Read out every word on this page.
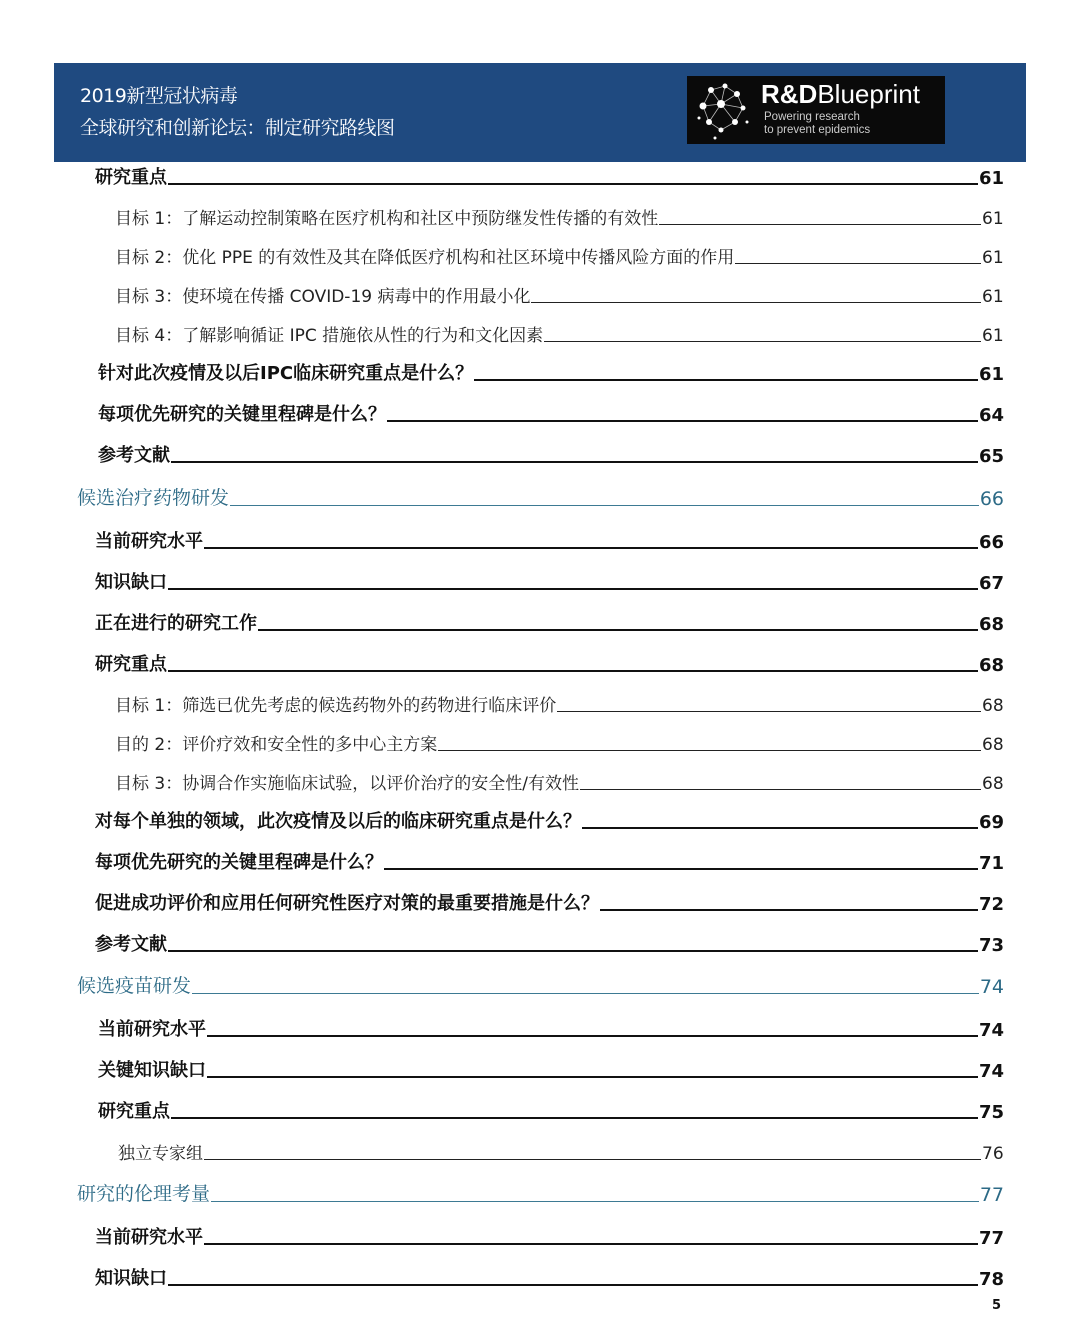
2019新型冠状病毒
全球研究和创新论坛：制定研究路线图
R&DBlueprint
Powering research
to prevent epidemics
研究重点	61
目标 1：了解运动控制策略在医疗机构和社区中预防继发性传播的有效性	61
目标 2：优化 PPE 的有效性及其在降低医疗机构和社区环境中传播风险方面的作用	61
目标 3：使环境在传播 COVID-19 病毒中的作用最小化	61
目标 4：了解影响循证 IPC 措施依从性的行为和文化因素	61
针对此次疫情及以后IPC临床研究重点是什么？	61
每项优先研究的关键里程碑是什么？	64
参考文献	65
候选治疗药物研发	66
当前研究水平	66
知识缺口	67
正在进行的研究工作	68
研究重点	68
目标 1：筛选已优先考虑的候选药物外的药物进行临床评价	68
目的 2：评价疗效和安全性的多中心主方案	68
目标 3：协调合作实施临床试验，以评价治疗的安全性/有效性	68
对每个单独的领域，此次疫情及以后的临床研究重点是什么？	69
每项优先研究的关键里程碑是什么？	71
促进成功评价和应用任何研究性医疗对策的最重要措施是什么？	72
参考文献	73
候选疫苗研发	74
当前研究水平	74
关键知识缺口	74
研究重点	75
独立专家组	76
研究的伦理考量	77
当前研究水平	77
知识缺口	78
5
